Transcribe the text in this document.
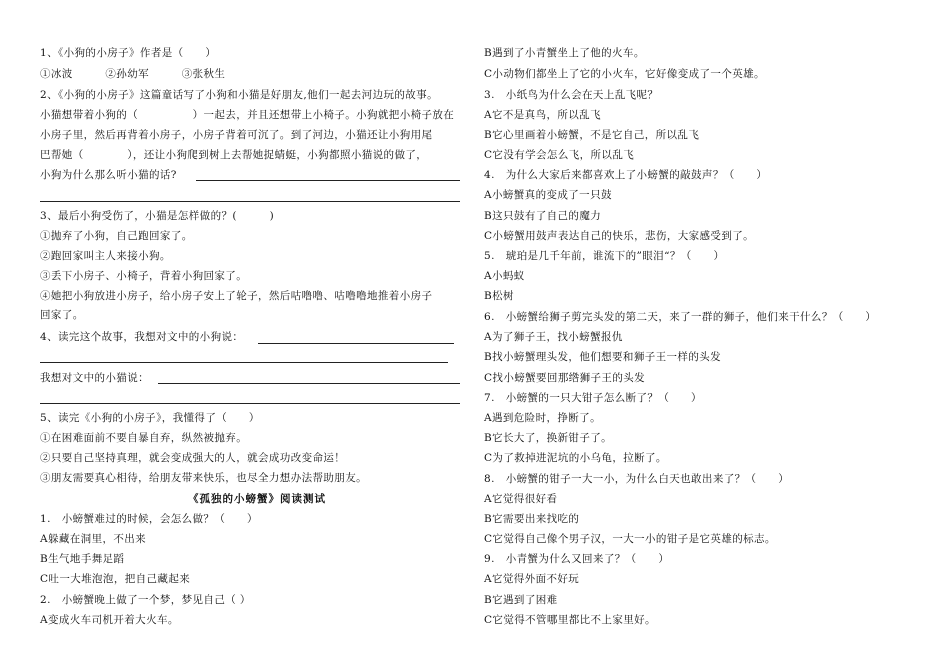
1、《小狗的小房子》作者是（　　）
①冰波　　　②孙幼军　　　③张秋生
2、《小狗的小房子》这篇童话写了小狗和小猫是好朋友,他们一起去河边玩的故事。
小猫想带着小狗的（　　　　　）一起去，并且还想带上小椅子。小狗就把小椅子放在
小房子里，然后再背着小房子，小房子背着可沉了。到了河边，小猫还让小狗用尾
巴帮她（　　　　），还让小狗爬到树上去帮她捉蜻蜓，小狗都照小猫说的做了，
小狗为什么那么听小猫的话?
3、最后小狗受伤了，小猫是怎样做的？(　　　)
①抛弃了小狗，自己跑回家了。
②跑回家叫主人来接小狗。
③丢下小房子、小椅子，背着小狗回家了。
④她把小狗放进小房子，给小房子安上了轮子，然后咕噜噜、咕噜噜地推着小房子
回家了。
4、读完这个故事，我想对文中的小狗说：
我想对文中的小猫说：
5、读完《小狗的小房子》，我懂得了（　　）
①在困难面前不要自暴自弃，纵然被抛弃。
②只要自己坚持真理，就会变成强大的人，就会成功改变命运！
③朋友需要真心相待，给朋友带来快乐，也尽全力想办法帮助朋友。
《孤独的小螃蟹》阅读测试
1.　小螃蟹难过的时候，会怎么做？（　　）
A躲藏在洞里，不出来
B生气地手舞足蹈
C吐一大堆泡泡，把自己藏起来
2.　小螃蟹晚上做了一个梦，梦见自己（ ）
A变成火车司机开着大火车。
B遇到了小青蟹坐上了他的火车。
C小动物们都坐上了它的小火车，它好像变成了一个英雄。
3.　小纸鸟为什么会在天上乱飞呢？
A它不是真鸟，所以乱飞
B它心里画着小螃蟹，不是它自己，所以乱飞
C它没有学会怎么飞，所以乱飞
4.　为什么大家后来都喜欢上了小螃蟹的敲鼓声？（　　）
A小螃蟹真的变成了一只鼓
B这只鼓有了自己的魔力
C小螃蟹用鼓声表达自己的快乐，悲伤，大家感受到了。
5.　琥珀是几千年前，谁流下的”眼泪“？（　　）
A小蚂蚁
B松树
6.　小螃蟹给狮子剪完头发的第二天，来了一群的狮子，他们来干什么？（　　）
A为了狮子王，找小螃蟹报仇
B找小螃蟹理头发，他们想要和狮子王一样的头发
C找小螃蟹要回那绺狮子王的头发
7.　小螃蟹的一只大钳子怎么断了？（　　）
A遇到危险时，挣断了。
B它长大了，换新钳子了。
C为了救掉进泥坑的小乌龟，拉断了。
8.　小螃蟹的钳子一大一小，为什么白天也敢出来了？（　　）
A它觉得很好看
B它需要出来找吃的
C它觉得自己像个男子汉，一大一小的钳子是它英雄的标志。
9.　小青蟹为什么又回来了？（　　）
A它觉得外面不好玩
B它遇到了困难
C它觉得不管哪里都比不上家里好。
